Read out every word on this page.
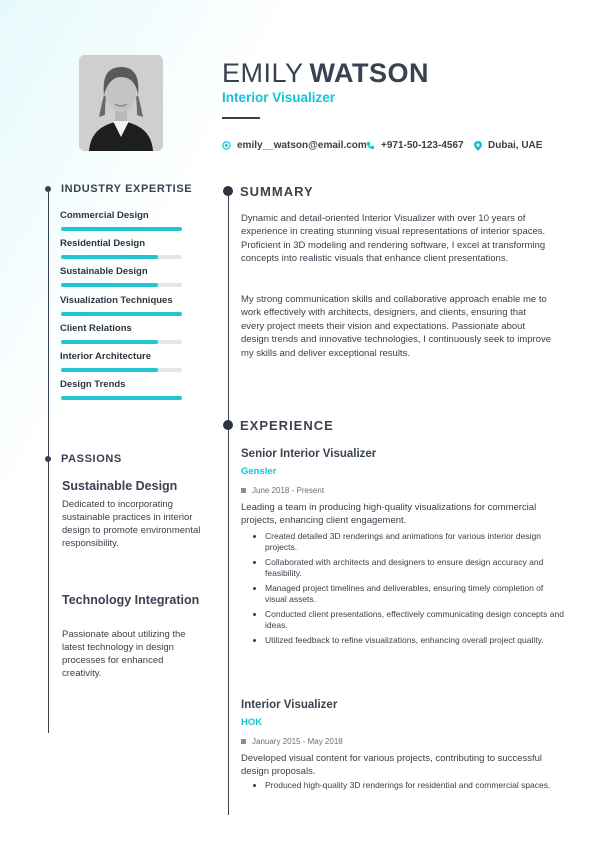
EMILY WATSON
Interior Visualizer
emily__watson@email.com +971-50-123-4567 Dubai, UAE
INDUSTRY EXPERTISE
Commercial Design
Residential Design
Sustainable Design
Visualization Techniques
Client Relations
Interior Architecture
Design Trends
PASSIONS
Sustainable Design
Dedicated to incorporating sustainable practices in interior design to promote environmental responsibility.
Technology Integration
Passionate about utilizing the latest technology in design processes for enhanced creativity.
SUMMARY
Dynamic and detail-oriented Interior Visualizer with over 10 years of experience in creating stunning visual representations of interior spaces. Proficient in 3D modeling and rendering software, I excel at transforming concepts into realistic visuals that enhance client presentations.
My strong communication skills and collaborative approach enable me to work effectively with architects, designers, and clients, ensuring that every project meets their vision and expectations. Passionate about design trends and innovative technologies, I continuously seek to improve my skills and deliver exceptional results.
EXPERIENCE
Senior Interior Visualizer
Gensler
June 2018 - Present
Leading a team in producing high-quality visualizations for commercial projects, enhancing client engagement.
• Created detailed 3D renderings and animations for various interior design projects.
• Collaborated with architects and designers to ensure design accuracy and feasibility.
• Managed project timelines and deliverables, ensuring timely completion of visual assets.
• Conducted client presentations, effectively communicating design concepts and ideas.
• Utilized feedback to refine visualizations, enhancing overall project quality.
Interior Visualizer
HOK
January 2015 - May 2018
Developed visual content for various projects, contributing to successful design proposals.
• Produced high-quality 3D renderings for residential and commercial spaces.
